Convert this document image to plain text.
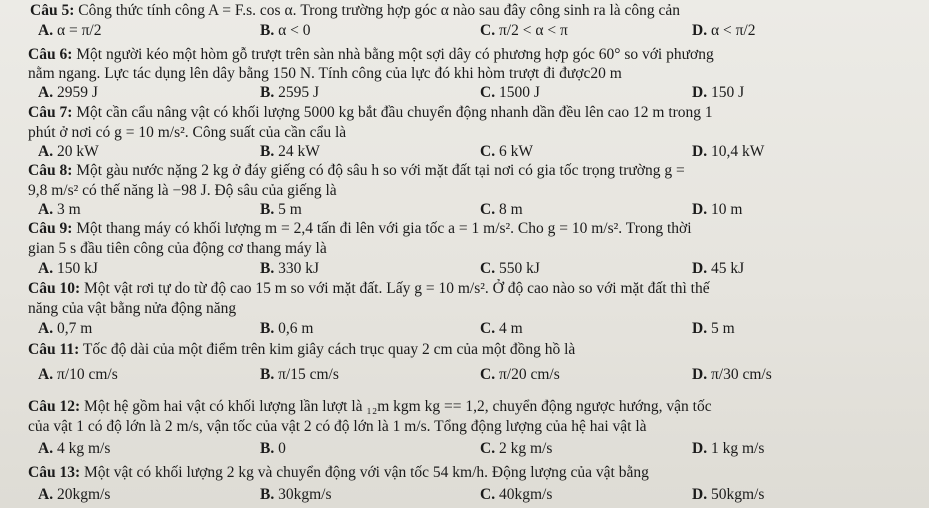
Câu 5: Công thức tính công A = F.s. cos α. Trong trường hợp góc α nào sau đây công sinh ra là công cản
A. α = π/2	B. α < 0	C. π/2 < α < π	D. α < π/2
Câu 6: Một người kéo một hòm gỗ trượt trên sàn nhà bằng một sợi dây có phương hợp góc 60° so với phương
nằm ngang. Lực tác dụng lên dây bằng 150 N. Tính công của lực đó khi hòm trượt đi được20 m
A. 2959 J	B. 2595 J	C. 1500 J	D. 150 J
Câu 7: Một cần cẩu nâng vật có khối lượng 5000 kg bắt đầu chuyển động nhanh dần đều lên cao 12 m trong 1
phút ở nơi có g = 10 m/s². Công suất của cần cẩu là
A. 20 kW	B. 24 kW	C. 6 kW	D. 10,4 kW
Câu 8: Một gàu nước nặng 2 kg ở đáy giếng có độ sâu h so với mặt đất tại nơi có gia tốc trọng trường g =
9,8 m/s² có thế năng là −98 J. Độ sâu của giếng là
A. 3 m	B. 5 m	C. 8 m	D. 10 m
Câu 9: Một thang máy có khối lượng m = 2,4 tấn đi lên với gia tốc a = 1 m/s². Cho g = 10 m/s². Trong thời
gian 5 s đầu tiên công của động cơ thang máy là
A. 150 kJ	B. 330 kJ	C. 550 kJ	D. 45 kJ
Câu 10: Một vật rơi tự do từ độ cao 15 m so với mặt đất. Lấy g = 10 m/s². Ở độ cao nào so với mặt đất thì thế
năng của vật bằng nửa động năng
A. 0,7 m	B. 0,6 m	C. 4 m	D. 5 m
Câu 11: Tốc độ dài của một điểm trên kim giây cách trục quay 2 cm của một đồng hồ là
A. π/10 cm/s	B. π/15 cm/s	C. π/20 cm/s	D. π/30 cm/s
Câu 12: Một hệ gồm hai vật có khối lượng lần lượt là ₁₂m kgm kg == 1,2, chuyển động ngược hướng, vận tốc
của vật 1 có độ lớn là 2 m/s, vận tốc của vật 2 có độ lớn là 1 m/s. Tổng động lượng của hệ hai vật là
A. 4 kg m/s	B. 0	C. 2 kg m/s	D. 1 kg m/s
Câu 13: Một vật có khối lượng 2 kg và chuyển động với vận tốc 54 km/h. Động lượng của vật bằng
A. 20kgm/s	B. 30kgm/s	C. 40kgm/s	D. 50kgm/s
